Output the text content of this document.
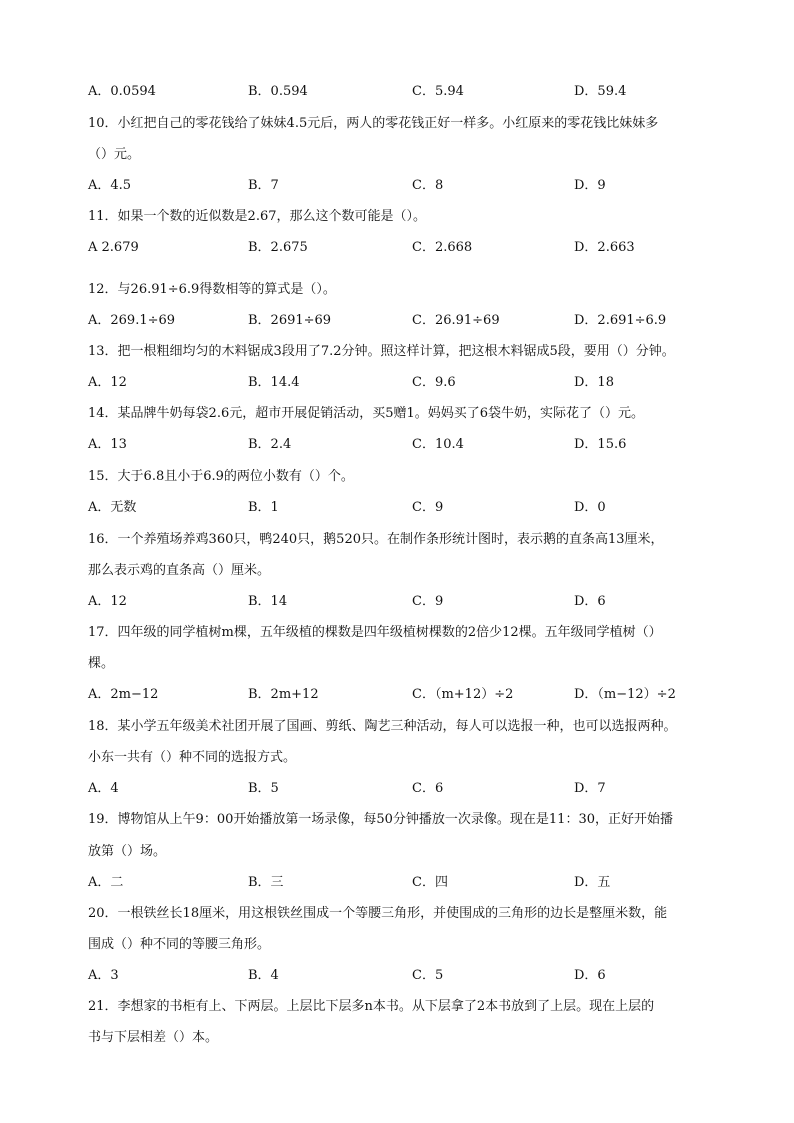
A．0.0594	B．0.594	C．5.94	D．59.4
10．小红把自己的零花钱给了妹妹4.5元后，两人的零花钱正好一样多。小红原来的零花钱比妹妹多
（）元。
A．4.5	B．7	C．8	D．9
11．如果一个数的近似数是2.67，那么这个数可能是（）。
A 2.679	B．2.675	C．2.668	D．2.663
12．与26.91÷6.9得数相等的算式是（）。
A．269.1÷69	B．2691÷69	C．26.91÷69	D．2.691÷6.9
13．把一根粗细均匀的木料锯成3段用了7.2分钟。照这样计算，把这根木料锯成5段，要用（）分钟。
A．12	B．14.4	C．9.6	D．18
14．某品牌牛奶每袋2.6元，超市开展促销活动，买5赠1。妈妈买了6袋牛奶，实际花了（）元。
A．13	B．2.4	C．10.4	D．15.6
15．大于6.8且小于6.9的两位小数有（）个。
A．无数	B．1	C．9	D．0
16．一个养殖场养鸡360只，鸭240只，鹅520只。在制作条形统计图时，表示鹅的直条高13厘米，
那么表示鸡的直条高（）厘米。
A．12	B．14	C．9	D．6
17．四年级的同学植树m棵，五年级植的棵数是四年级植树棵数的2倍少12棵。五年级同学植树（）
棵。
A．2m−12	B．2m+12	C．（m+12）÷2	D．（m−12）÷2
18．某小学五年级美术社团开展了国画、剪纸、陶艺三种活动，每人可以选报一种，也可以选报两种。
小东一共有（）种不同的选报方式。
A．4	B．5	C．6	D．7
19．博物馆从上午9：00开始播放第一场录像，每50分钟播放一次录像。现在是11：30，正好开始播
放第（）场。
A．二	B．三	C．四	D．五
20．一根铁丝长18厘米，用这根铁丝围成一个等腰三角形，并使围成的三角形的边长是整厘米数，能
围成（）种不同的等腰三角形。
A．3	B．4	C．5	D．6
21．李想家的书柜有上、下两层。上层比下层多n本书。从下层拿了2本书放到了上层。现在上层的
书与下层相差（）本。
